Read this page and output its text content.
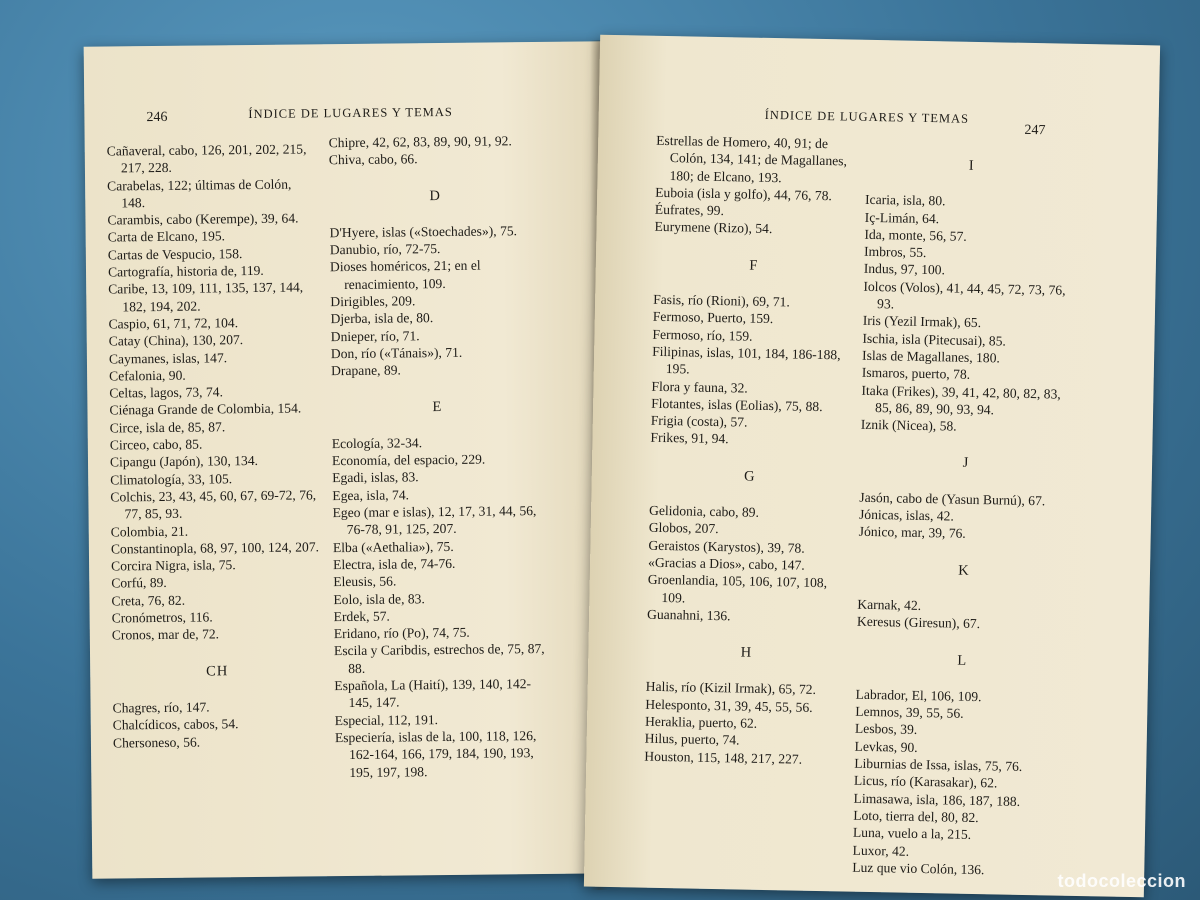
246	ÍNDICE DE LUGARES Y TEMAS
Cañaveral, cabo, 126, 201, 202, 215, 217, 228.
Carabelas, 122; últimas de Colón, 148.
Carambis, cabo (Kerempe), 39, 64.
Carta de Elcano, 195.
Cartas de Vespucio, 158.
Cartografía, historia de, 119.
Caribe, 13, 109, 111, 135, 137, 144, 182, 194, 202.
Caspio, 61, 71, 72, 104.
Catay (China), 130, 207.
Caymanes, islas, 147.
Cefalonia, 90.
Celtas, lagos, 73, 74.
Ciénaga Grande de Colombia, 154.
Circe, isla de, 85, 87.
Circeo, cabo, 85.
Cipangu (Japón), 130, 134.
Climatología, 33, 105.
Colchis, 23, 43, 45, 60, 67, 69-72, 76, 77, 85, 93.
Colombia, 21.
Constantinopla, 68, 97, 100, 124, 207.
Corcira Nigra, isla, 75.
Corfú, 89.
Creta, 76, 82.
Cronómetros, 116.
Cronos, mar de, 72.
CH
Chagres, río, 147.
Chalcídicos, cabos, 54.
Chersoneso, 56.
Chipre, 42, 62, 83, 89, 90, 91, 92.
Chiva, cabo, 66.
D
D'Hyere, islas («Stoechades»), 75.
Danubio, río, 72-75.
Dioses homéricos, 21; en el renacimiento, 109.
Dirigibles, 209.
Djerba, isla de, 80.
Dnieper, río, 71.
Don, río («Tánais»), 71.
Drapane, 89.
E
Ecología, 32-34.
Economía, del espacio, 229.
Egadi, islas, 83.
Egea, isla, 74.
Egeo (mar e islas), 12, 17, 31, 44, 56, 76-78, 91, 125, 207.
Elba («Aethalia»), 75.
Electra, isla de, 74-76.
Eleusis, 56.
Eolo, isla de, 83.
Erdek, 57.
Eridano, río (Po), 74, 75.
Escila y Caribdis, estrechos de, 75, 87, 88.
Española, La (Haití), 139, 140, 142-145, 147.
Especial, 112, 191.
Especiería, islas de la, 100, 118, 126, 162-164, 166, 179, 184, 190, 193, 195, 197, 198.
ÍNDICE DE LUGARES Y TEMAS
247
Estrellas de Homero, 40, 91; de Colón, 134, 141; de Magallanes, 180; de Elcano, 193.
Euboia (isla y golfo), 44, 76, 78.
Éufrates, 99.
Eurymene (Rizo), 54.
F
Fasis, río (Rioni), 69, 71.
Fermoso, Puerto, 159.
Fermoso, río, 159.
Filipinas, islas, 101, 184, 186-188, 195.
Flora y fauna, 32.
Flotantes, islas (Eolias), 75, 88.
Frigia (costa), 57.
Frikes, 91, 94.
G
Gelidonia, cabo, 89.
Globos, 207.
Geraistos (Karystos), 39, 78.
«Gracias a Dios», cabo, 147.
Groenlandia, 105, 106, 107, 108, 109.
Guanahni, 136.
H
Halis, río (Kizil Irmak), 65, 72.
Helesponto, 31, 39, 45, 55, 56.
Heraklia, puerto, 62.
Hilus, puerto, 74.
Houston, 115, 148, 217, 227.
I
Icaria, isla, 80.
Iç-Limán, 64.
Ida, monte, 56, 57.
Imbros, 55.
Indus, 97, 100.
Iolcos (Volos), 41, 44, 45, 72, 73, 76, 93.
Iris (Yezil Irmak), 65.
Ischia, isla (Pitecusai), 85.
Islas de Magallanes, 180.
Ismaros, puerto, 78.
Itaka (Frikes), 39, 41, 42, 80, 82, 83, 85, 86, 89, 90, 93, 94.
Iznik (Nicea), 58.
J
Jasón, cabo de (Yasun Burnú), 67.
Jónicas, islas, 42.
Jónico, mar, 39, 76.
K
Karnak, 42.
Keresus (Giresun), 67.
L
Labrador, El, 106, 109.
Lemnos, 39, 55, 56.
Lesbos, 39.
Levkas, 90.
Liburnias de Issa, islas, 75, 76.
Licus, río (Karasakar), 62.
Limasawa, isla, 186, 187, 188.
Loto, tierra del, 80, 82.
Luna, vuelo a la, 215.
Luxor, 42.
Luz que vio Colón, 136.
todocoleccion
